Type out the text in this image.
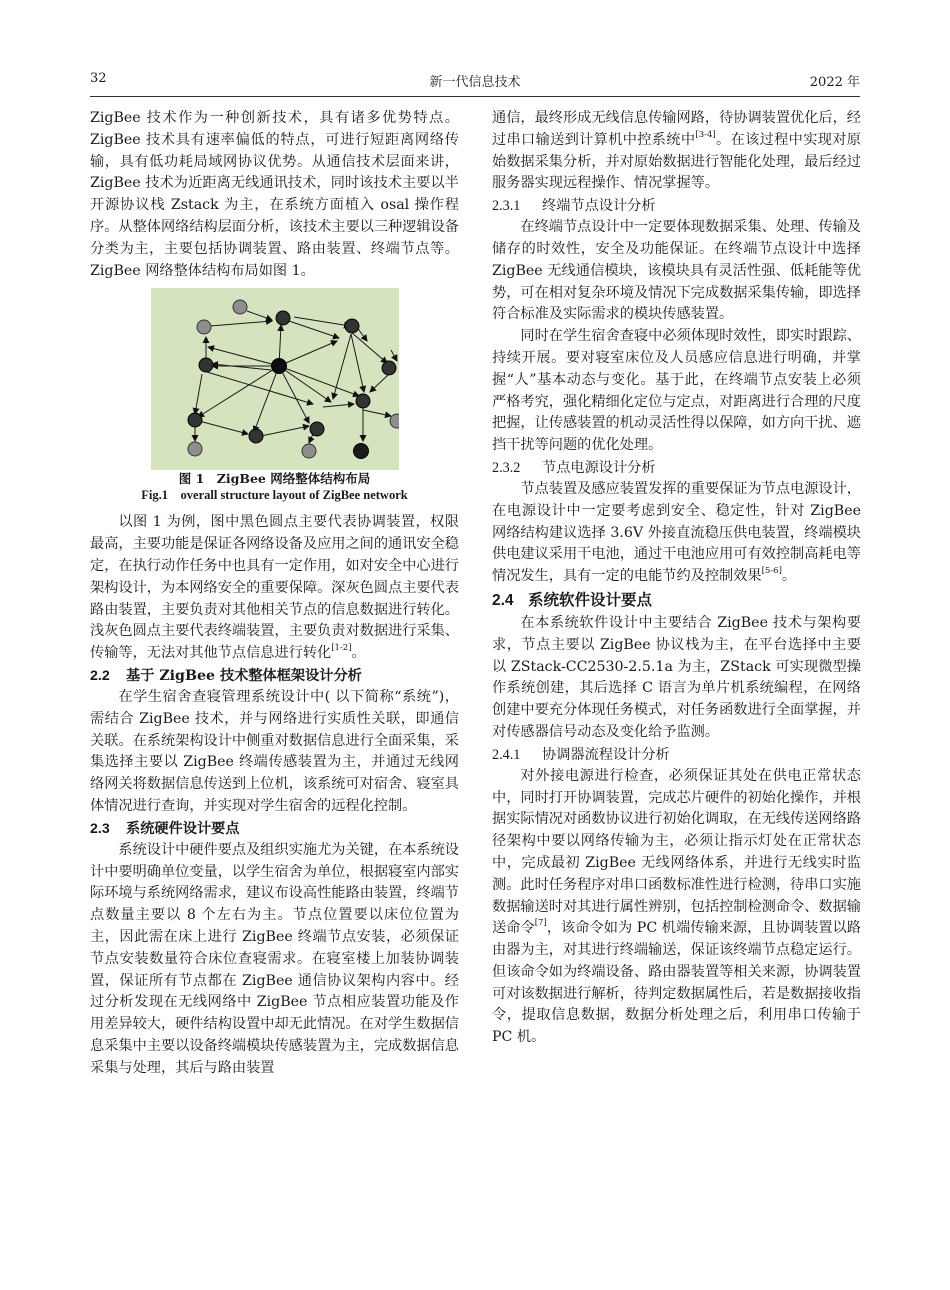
32	新一代信息技术	2022 年

ZigBee 技术作为一种创新技术，具有诸多优势特点。ZigBee 技术具有速率偏低的特点，可进行短距离网络传输，具有低功耗局域网协议优势。从通信技术层面来讲，ZigBee 技术为近距离无线通讯技术，同时该技术主要以半开源协议栈 Zstack 为主，在系统方面植入 osal 操作程序。从整体网络结构层面分析，该技术主要以三种逻辑设备分类为主，主要包括协调装置、路由装置、终端节点等。ZigBee 网络整体结构布局如图 1。

图 1　ZigBee 网络整体结构布局
Fig.1　overall structure layout of ZigBee network

以图 1 为例，图中黑色圆点主要代表协调装置，权限最高，主要功能是保证各网络设备及应用之间的通讯安全稳定，在执行动作任务中也具有一定作用，如对安全中心进行架构设计，为本网络安全的重要保障。深灰色圆点主要代表路由装置，主要负责对其他相关节点的信息数据进行转化。浅灰色圆点主要代表终端装置，主要负责对数据进行采集、传输等，无法对其他节点信息进行转化[1-2]。

2.2 基于 ZigBee 技术整体框架设计分析

在学生宿舍查寝管理系统设计中( 以下简称“系统”)，需结合 ZigBee 技术，并与网络进行实质性关联，即通信关联。在系统架构设计中侧重对数据信息进行全面采集，采集选择主要以 ZigBee 终端传感装置为主，并通过无线网络网关将数据信息传送到上位机，该系统可对宿舍、寝室具体情况进行查询，并实现对学生宿舍的远程化控制。

2.3 系统硬件设计要点

系统设计中硬件要点及组织实施尤为关键，在本系统设计中要明确单位变量，以学生宿舍为单位，根据寝室内部实际环境与系统网络需求，建议布设高性能路由装置，终端节点数量主要以 8 个左右为主。节点位置要以床位位置为主，因此需在床上进行 ZigBee 终端节点安装，必须保证节点安装数量符合床位查寝需求。在寝室楼上加装协调装置，保证所有节点都在 ZigBee 通信协议架构内容中。经过分析发现在无线网络中 ZigBee 节点相应装置功能及作用差异较大，硬件结构设置中却无此情况。在对学生数据信息采集中主要以设备终端模块传感装置为主，完成数据信息采集与处理，其后与路由装置

通信，最终形成无线信息传输网路，待协调装置优化后，经过串口输送到计算机中控系统中[3-4]。在该过程中实现对原始数据采集分析，并对原始数据进行智能化处理，最后经过服务器实现远程操作、情况掌握等。

2.3.1 终端节点设计分析

在终端节点设计中一定要体现数据采集、处理、传输及储存的时效性，安全及功能保证。在终端节点设计中选择 ZigBee 无线通信模块，该模块具有灵活性强、低耗能等优势，可在相对复杂环境及情况下完成数据采集传输，即选择符合标准及实际需求的模块传感装置。

同时在学生宿舍查寝中必须体现时效性，即实时跟踪、持续开展。要对寝室床位及人员感应信息进行明确，并掌握“人”基本动态与变化。基于此，在终端节点安装上必须严格考究，强化精细化定位与定点，对距离进行合理的尺度把握，让传感装置的机动灵活性得以保障，如方向干扰、遮挡干扰等问题的优化处理。

2.3.2 节点电源设计分析

节点装置及感应装置发挥的重要保证为节点电源设计，在电源设计中一定要考虑到安全、稳定性，针对 ZigBee 网络结构建议选择 3.6V 外接直流稳压供电装置，终端模块供电建议采用干电池，通过干电池应用可有效控制高耗电等情况发生，具有一定的电能节约及控制效果[5-6]。

2.4 系统软件设计要点

在本系统软件设计中主要结合 ZigBee 技术与架构要求，节点主要以 ZigBee 协议栈为主，在平台选择中主要以 ZStack-CC2530-2.5.1a 为主，ZStack 可实现微型操作系统创建，其后选择 C 语言为单片机系统编程，在网络创建中要充分体现任务模式，对任务函数进行全面掌握，并对传感器信号动态及变化给予监测。

2.4.1 协调器流程设计分析

对外接电源进行检查，必须保证其处在供电正常状态中，同时打开协调装置，完成芯片硬件的初始化操作，并根据实际情况对函数协议进行初始化调取，在无线传送网络路径架构中要以网络传输为主，必须让指示灯处在正常状态中，完成最初 ZigBee 无线网络体系，并进行无线实时监测。此时任务程序对串口函数标准性进行检测，待串口实施数据输送时对其进行属性辨别，包括控制检测命令、数据输送命令[7]，该命令如为 PC 机端传输来源，且协调装置以路由器为主，对其进行终端输送，保证该终端节点稳定运行。但该命令如为终端设备、路由器装置等相关来源，协调装置可对该数据进行解析，待判定数据属性后，若是数据接收指令，提取信息数据，数据分析处理之后，利用串口传输于 PC 机。
